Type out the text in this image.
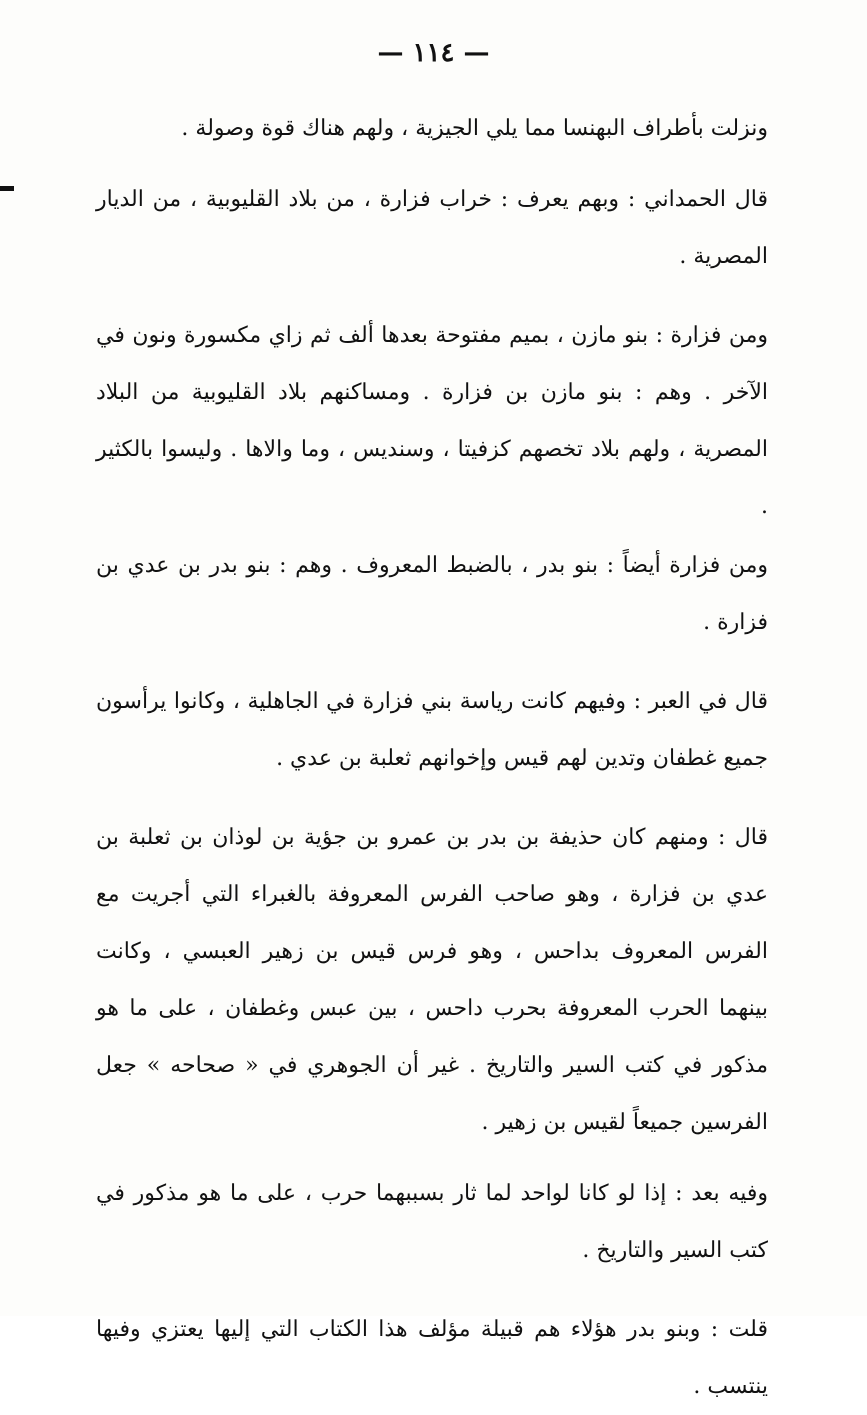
— ١١٤ —

ونزلت بأطراف البهنسا مما يلي الجيزية ، ولهم هناك قوة وصولة .

قال الحمداني : وبهم يعرف : خراب فزارة ، من بلاد القليوبية ، من الديار المصرية .

ومن فزارة : بنو مازن ، بميم مفتوحة بعدها ألف ثم زاي مكسورة ونون في الآخر . وهم : بنو مازن بن فزارة . ومساكنهم بلاد القليوبية من البلاد المصرية ، ولهم بلاد تخصهم كزفيتا ، وسنديس ، وما والاها . وليسوا بالكثير .

ومن فزارة أيضاً : بنو بدر ، بالضبط المعروف . وهم : بنو بدر بن عدي بن فزارة .

قال في العبر : وفيهم كانت رياسة بني فزارة في الجاهلية ، وكانوا يرأسون جميع غطفان وتدين لهم قيس وإخوانهم ثعلبة بن عدي .

قال : ومنهم كان حذيفة بن بدر بن عمرو بن جؤية بن لوذان بن ثعلبة بن عدي بن فزارة ، وهو صاحب الفرس المعروفة بالغبراء التي أجريت مع الفرس المعروف بداحس ، وهو فرس قيس بن زهير العبسي ، وكانت بينهما الحرب المعروفة بحرب داحس ، بين عبس وغطفان ، على ما هو مذكور في كتب السير والتاريخ . غير أن الجوهري في « صحاحه » جعل الفرسين جميعاً لقيس بن زهير .

وفيه بعد : إذا لو كانا لواحد لما ثار بسببهما حرب ، على ما هو مذكور في كتب السير والتاريخ .

قلت : وبنو بدر هؤلاء هم قبيلة مؤلف هذا الكتاب التي إليها يعتزي وفيها ينتسب .
